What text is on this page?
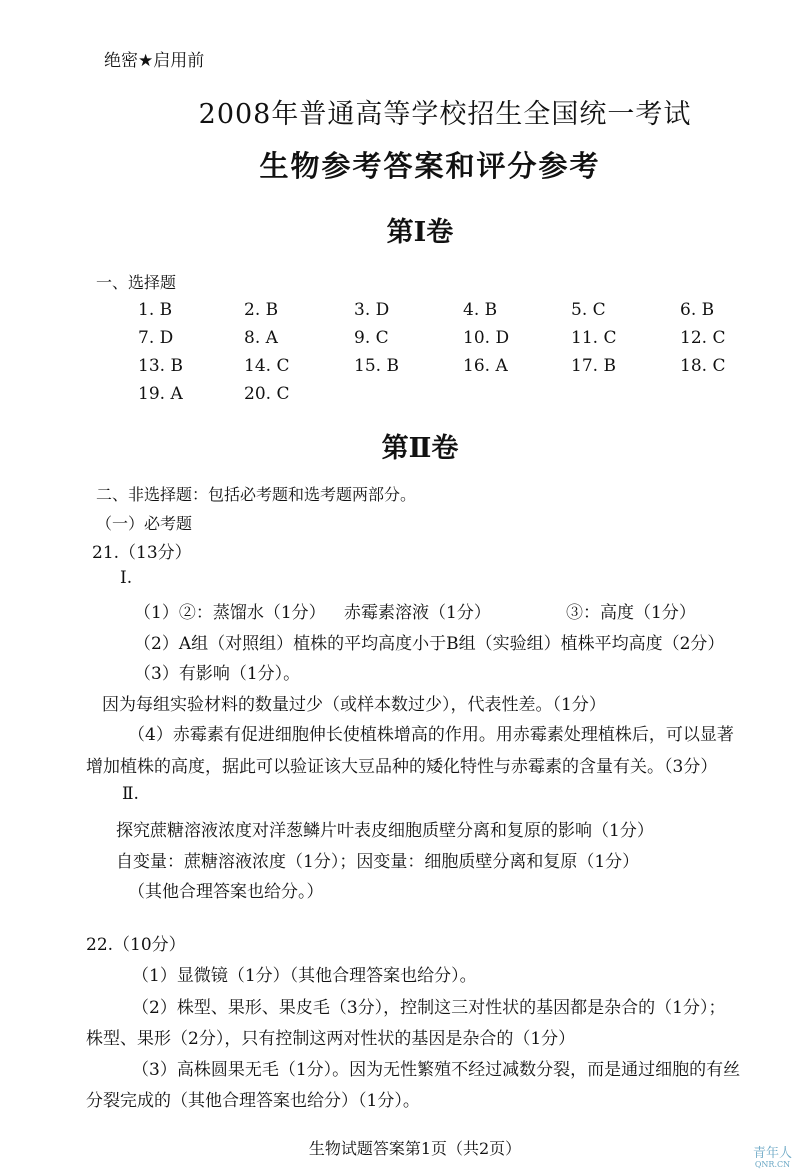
绝密★启用前
2008年普通高等学校招生全国统一考试
生物参考答案和评分参考
第Ⅰ卷
一、选择题
1. B	2. B	3. D	4. B	5. C	6. B
7. D	8. A	9. C	10. D	11. C	12. C
13. B	14. C	15. B	16. A	17. B	18. C
19. A	20. C
第Ⅱ卷
二、非选择题：包括必考题和选考题两部分。
（一）必考题
21.（13分）
Ⅰ.
（1）②：蒸馏水（1分） 赤霉素溶液（1分）	③：高度（1分）
（2）A组（对照组）植株的平均高度小于B组（实验组）植株平均高度（2分）
（3）有影响（1分）。
因为每组实验材料的数量过少（或样本数过少），代表性差。（1分）
（4）赤霉素有促进细胞伸长使植株增高的作用。用赤霉素处理植株后，可以显著
增加植株的高度，据此可以验证该大豆品种的矮化特性与赤霉素的含量有关。（3分）
Ⅱ.
探究蔗糖溶液浓度对洋葱鳞片叶表皮细胞质壁分离和复原的影响（1分）
自变量：蔗糖溶液浓度（1分）；因变量：细胞质壁分离和复原（1分）
（其他合理答案也给分。）
22.（10分）
（1）显微镜（1分）（其他合理答案也给分）。
（2）株型、果形、果皮毛（3分），控制这三对性状的基因都是杂合的（1分）；
株型、果形（2分），只有控制这两对性状的基因是杂合的（1分）
（3）高株圆果无毛（1分）。因为无性繁殖不经过减数分裂，而是通过细胞的有丝
分裂完成的（其他合理答案也给分）（1分）。
生物试题答案第1页（共2页）	青年人
QNR.CN
